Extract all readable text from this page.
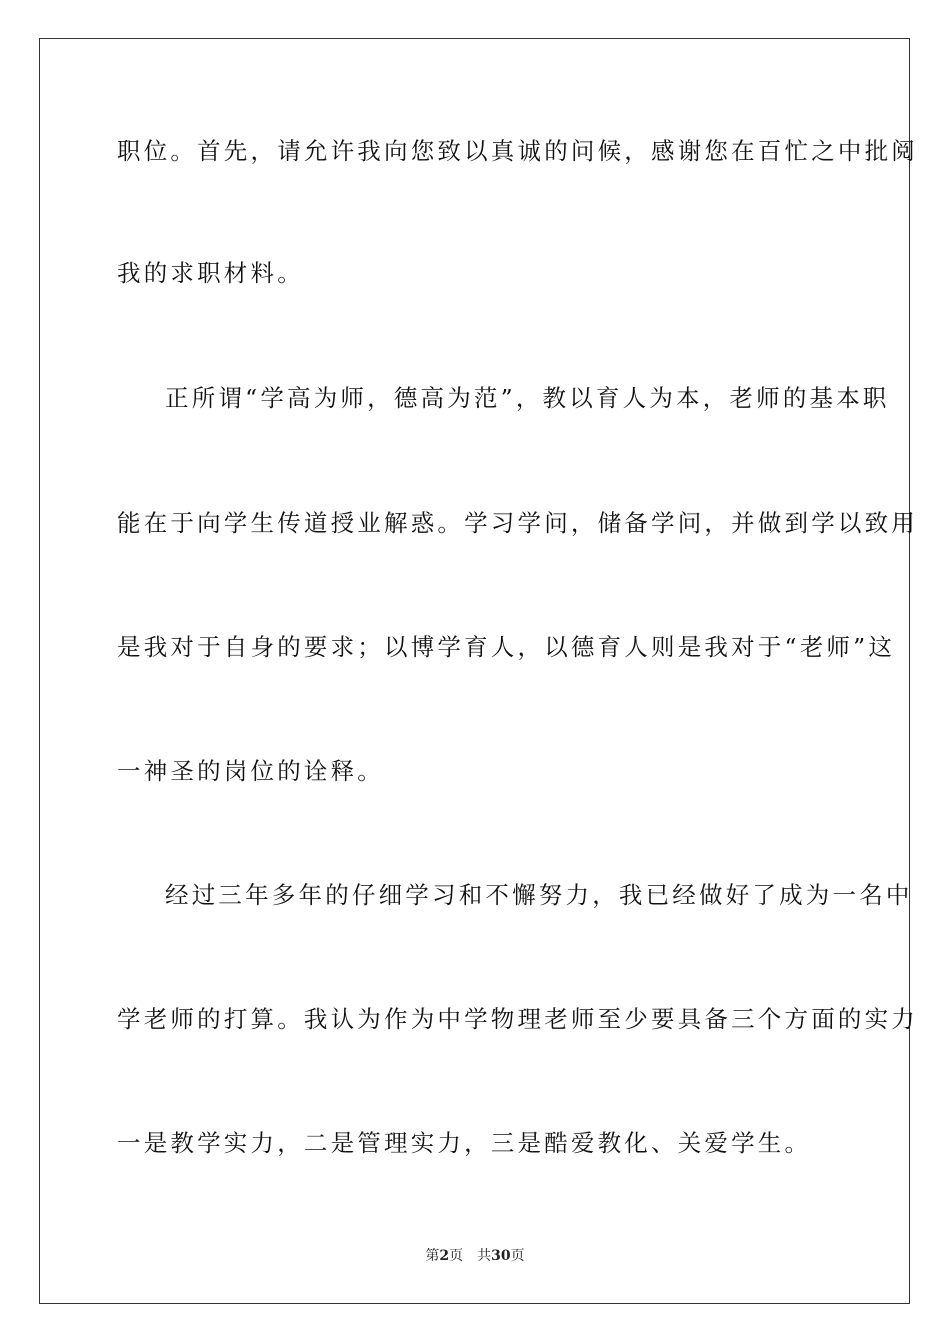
职位。首先，请允许我向您致以真诚的问候，感谢您在百忙之中批阅
我的求职材料。
正所谓“学高为师，德高为范”，教以育人为本，老师的基本职
能在于向学生传道授业解惑。学习学问，储备学问，并做到学以致用
是我对于自身的要求；以博学育人，以德育人则是我对于“老师”这
一神圣的岗位的诠释。
经过三年多年的仔细学习和不懈努力，我已经做好了成为一名中
学老师的打算。我认为作为中学物理老师至少要具备三个方面的实力
一是教学实力，二是管理实力，三是酷爱教化、关爱学生。
第2页 共30页
